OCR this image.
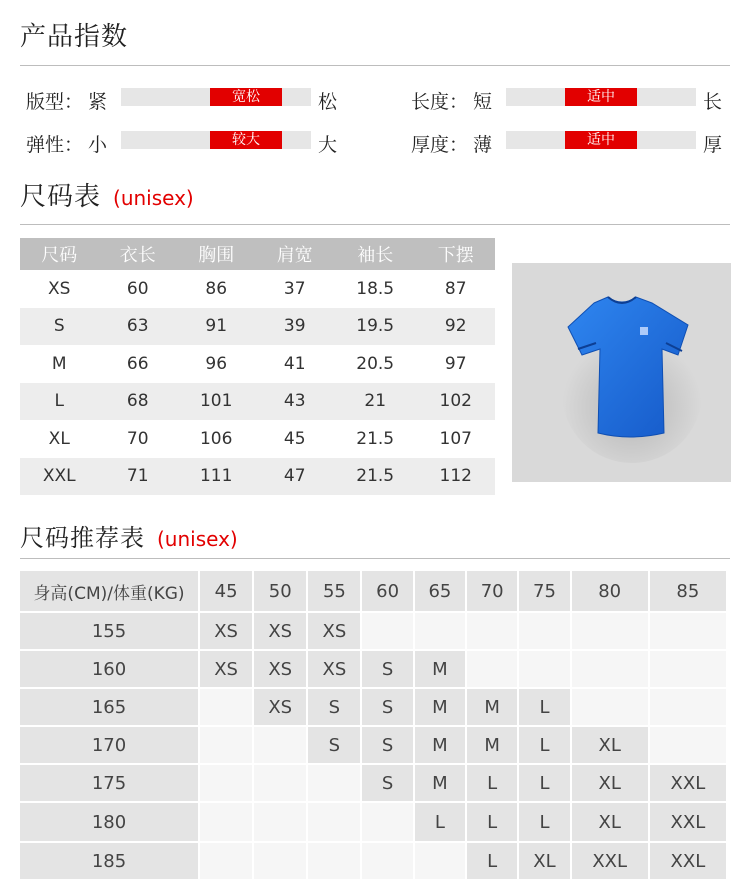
产品指数
版型： 紧	宽松	松	长度： 短	适中	长
弹性： 小	较大	大	厚度： 薄	适中	厚
尺码表 (unisex)
尺码	衣长	胸围	肩宽	袖长	下摆
XS	60	86	37	18.5	87
S	63	91	39	19.5	92
M	66	96	41	20.5	97
L	68	101	43	21	102
XL	70	106	45	21.5	107
XXL	71	111	47	21.5	112
尺码推荐表 (unisex)
身高(CM)/体重(KG)	45	50	55	60	65	70	75	80	85
155	XS	XS	XS						
160	XS	XS	XS	S	M				
165		XS	S	S	M	M	L		
170			S	S	M	M	L	XL	
175				S	M	L	L	XL	XXL
180					L	L	L	XL	XXL
185						L	XL	XXL	XXL
